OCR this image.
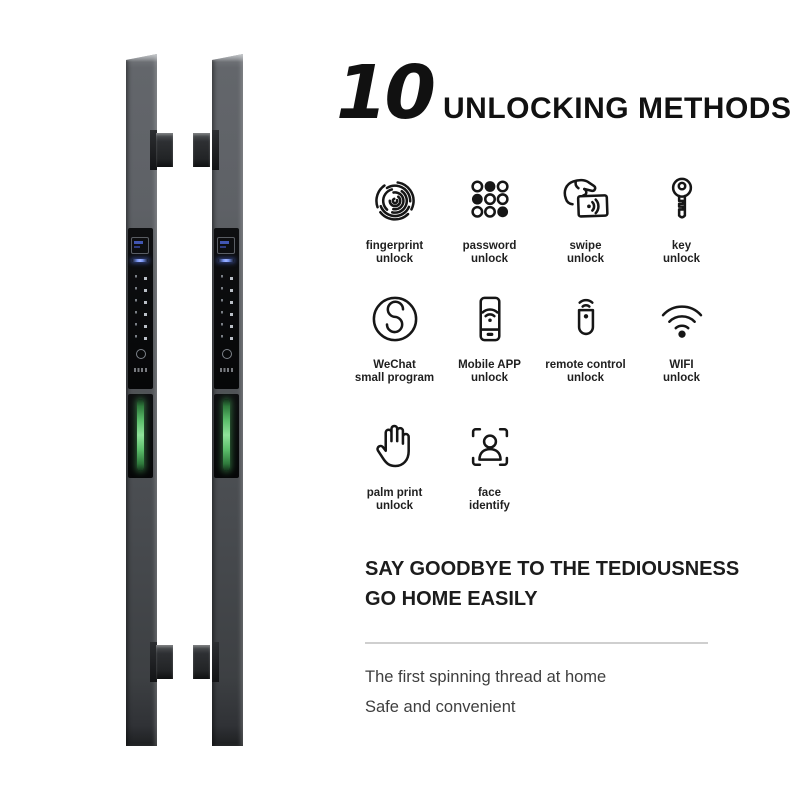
10 UNLOCKING METHODS
fingerprint
unlock
password
unlock
swipe
unlock
key
unlock
WeChat
small program
Mobile APP
unlock
remote control
unlock
WIFI
unlock
palm print
unlock
face
identify
SAY GOODBYE TO THE TEDIOUSNESS
GO HOME EASILY
The first spinning thread at home
Safe and convenient
